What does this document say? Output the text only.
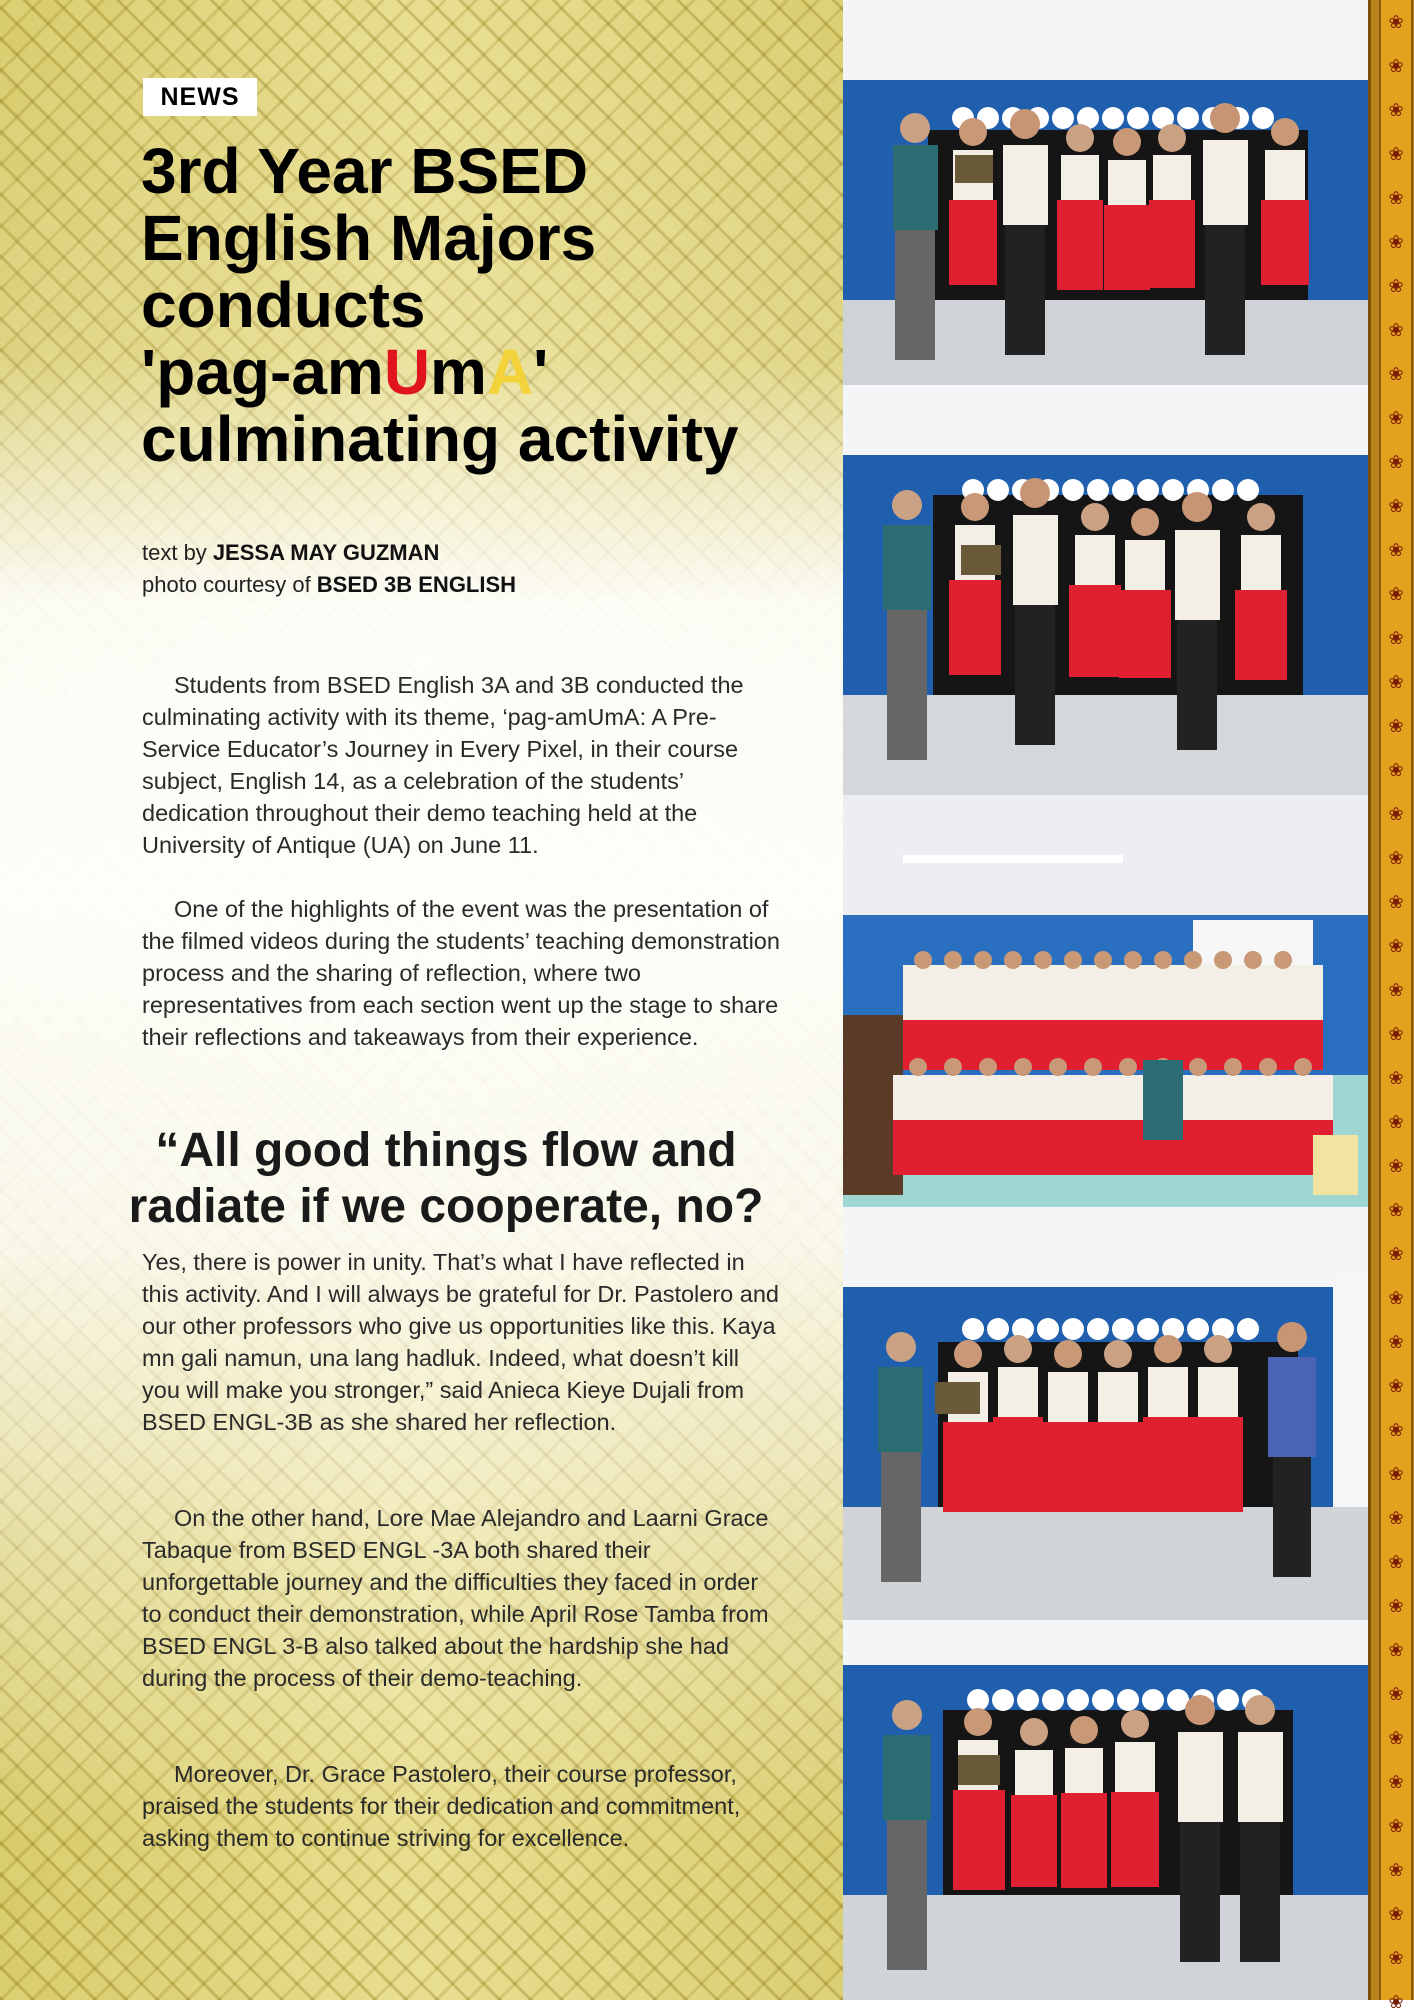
NEWS
3rd Year BSED
English Majors
conducts
'pag-amUmA'
culminating activity
text by JESSA MAY GUZMAN
photo courtesy of BSED 3B ENGLISH

Students from BSED English 3A and 3B conducted the culminating activity with its theme, ‘pag-amUmA: A Pre-Service Educator’s Journey in Every Pixel, in their course subject, English 14, as a celebration of the students’ dedication throughout their demo teaching held at the University of Antique (UA) on June 11.

One of the highlights of the event was the presentation of the filmed videos during the students’ teaching demonstration process and the sharing of reflection, where two representatives from each section went up the stage to share their reflections and takeaways from their experience.

“All good things flow and radiate if we cooperate, no?

Yes, there is power in unity. That’s what I have reflected in this activity. And I will always be grateful for Dr. Pastolero and our other professors who give us opportunities like this. Kaya mn gali namun, una lang hadluk. Indeed, what doesn’t kill you will make you stronger,” said Anieca Kieye Dujali from BSED ENGL-3B as she shared her reflection.

On the other hand, Lore Mae Alejandro and Laarni Grace Tabaque from BSED ENGL -3A both shared their unforgettable journey and the difficulties they faced in order to conduct their demonstration, while April Rose Tamba from BSED ENGL 3-B also talked about the hardship she had during the process of their demo-teaching.

Moreover, Dr. Grace Pastolero, their course professor, praised the students for their dedication and commitment, asking them to continue striving for excellence.

❀
❀
❀
❀
❀
❀
❀
❀
❀
❀
❀
❀
❀
❀
❀
❀
❀
❀
❀
❀
❀
❀
❀
❀
❀
❀
❀
❀
❀
❀
❀
❀
❀
❀
❀
❀
❀
❀
❀
❀
❀
❀
❀
❀
❀
❀
